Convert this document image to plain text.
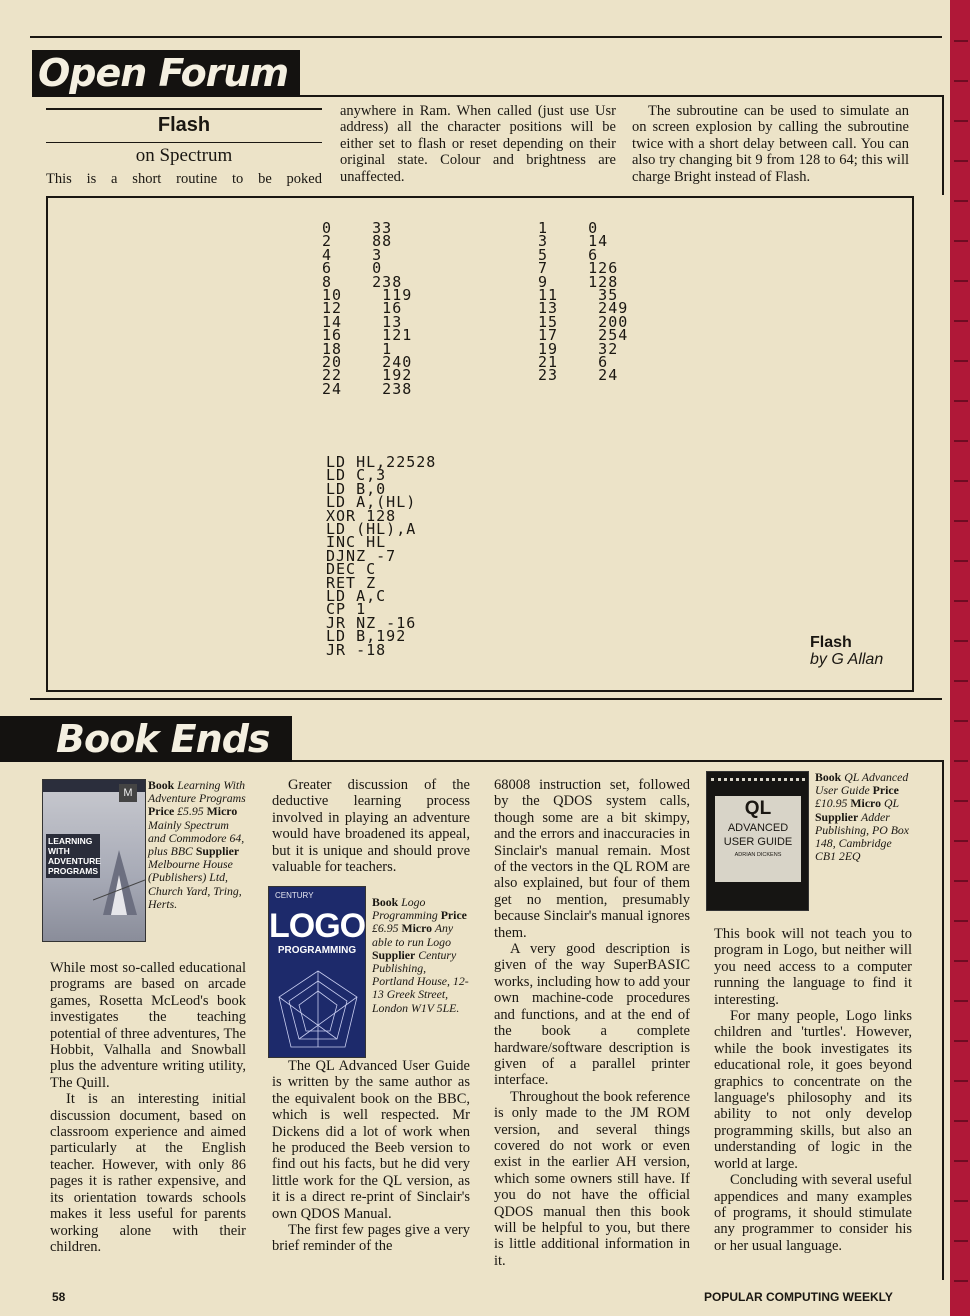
Open Forum
Flash
on Spectrum
This is a short routine to be poked
anywhere in Ram. When called (just use Usr address) all the character positions will be either set to flash or reset depending on their original state. Colour and brightness are unaffected.
The subroutine can be used to simulate an on screen explosion by calling the subroutine twice with a short delay between call. You can also try changing bit 9 from 128 to 64; this will charge Bright instead of Flash.
0    33
2    88
4    3
6    0
8    238
10    119
12    16
14    13
16    121
18    1
20    240
22    192
24    238
1    0
3    14
5    6
7    126
9    128
11    35
13    249
15    200
17    254
19    32
21    6
23    24
LD HL,22528
LD C,3
LD B,0
LD A,(HL)
XOR 128
LD (HL),A
INC HL
DJNZ -7
DEC C
RET Z
LD A,C
CP 1
JR NZ -16
LD B,192
JR -18	Flash
by G Allan
Book Ends
M
LEARNING
WITH
ADVENTURE
PROGRAMS
Book Learning With Adventure Programs Price £5.95 Micro Mainly Spectrum and Commodore 64, plus BBC Supplier Melbourne House (Publishers) Ltd, Church Yard, Tring, Herts.
CENTURY
LOGO
PROGRAMMING
Book Logo Programming Price £6.95 Micro Any able to run Logo Supplier Century Publishing, Portland House, 12-13 Greek Street, London W1V 5LE.
QL
ADVANCED
USER GUIDE
ADRIAN DICKENS
Book QL Advanced User Guide Price £10.95 Micro QL Supplier Adder Publishing, PO Box 148, Cambridge CB1 2EQ

While most so-called educational programs are based on arcade games, Rosetta McLeod's book investigates the teaching potential of three adventures, The Hobbit, Valhalla and Snowball plus the adventure writing utility, The Quill.

It is an interesting initial discussion document, based on classroom experience and aimed particularly at the English teacher. However, with only 86 pages it is rather expensive, and its orientation towards schools makes it less useful for parents working alone with their children.

Greater discussion of the deductive learning process involved in playing an adventure would have broadened its appeal, but it is unique and should prove valuable for teachers.

The QL Advanced User Guide is written by the same author as the equivalent book on the BBC, which is well respected. Mr Dickens did a lot of work when he produced the Beeb version to find out his facts, but he did very little work for the QL version, as it is a direct re-print of Sinclair's own QDOS Manual.

The first few pages give a very brief reminder of the

68008 instruction set, followed by the QDOS system calls, though some are a bit skimpy, and the errors and inaccuracies in Sinclair's manual remain. Most of the vectors in the QL ROM are also explained, but four of them get no mention, presumably because Sinclair's manual ignores them.

A very good description is given of the way SuperBASIC works, including how to add your own machine-code procedures and functions, and at the end of the book a complete hardware/software description is given of a parallel printer interface.

Throughout the book reference is only made to the JM ROM version, and several things covered do not work or even exist in the earlier AH version, which some owners still have. If you do not have the official QDOS manual then this book will be helpful to you, but there is little additional information in it.

This book will not teach you to program in Logo, but neither will you need access to a computer running the language to find it interesting.

For many people, Logo links children and 'turtles'. However, while the book investigates its educational role, it goes beyond graphics to concentrate on the language's philosophy and its ability to not only develop programming skills, but also an understanding of logic in the world at large.

Concluding with several useful appendices and many examples of programs, it should stimulate any programmer to consider his or her usual language.

58	POPULAR COMPUTING WEEKLY
